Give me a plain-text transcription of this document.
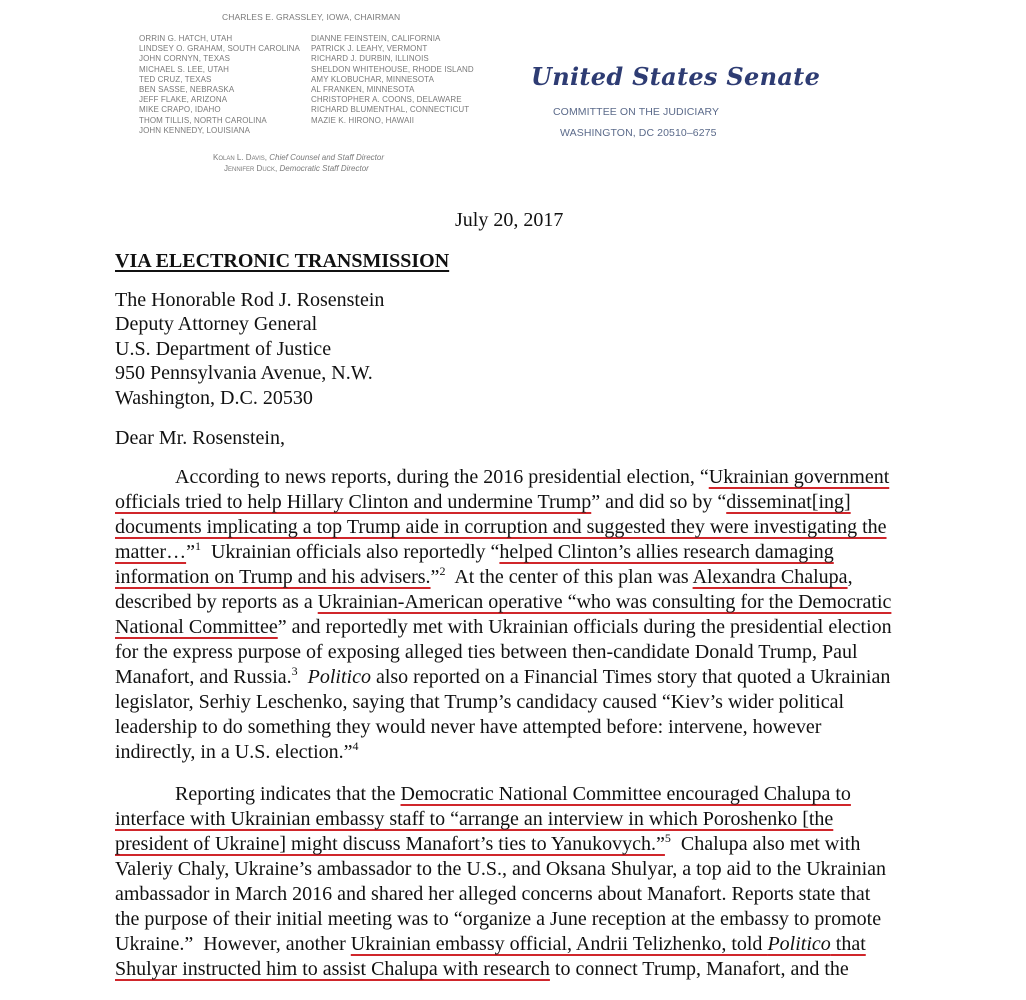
CHARLES E. GRASSLEY, IOWA, CHAIRMAN
ORRIN G. HATCH, UTAH
LINDSEY O. GRAHAM, SOUTH CAROLINA
JOHN CORNYN, TEXAS
MICHAEL S. LEE, UTAH
TED CRUZ, TEXAS
BEN SASSE, NEBRASKA
JEFF FLAKE, ARIZONA
MIKE CRAPO, IDAHO
THOM TILLIS, NORTH CAROLINA
JOHN KENNEDY, LOUISIANA
DIANNE FEINSTEIN, CALIFORNIA
PATRICK J. LEAHY, VERMONT
RICHARD J. DURBIN, ILLINOIS
SHELDON WHITEHOUSE, RHODE ISLAND
AMY KLOBUCHAR, MINNESOTA
AL FRANKEN, MINNESOTA
CHRISTOPHER A. COONS, DELAWARE
RICHARD BLUMENTHAL, CONNECTICUT
MAZIE K. HIRONO, HAWAII
Kolan L. Davis, Chief Counsel and Staff Director
Jennifer Duck, Democratic Staff Director
United States Senate
COMMITTEE ON THE JUDICIARY
WASHINGTON, DC 20510–6275
July 20, 2017
VIA ELECTRONIC TRANSMISSION
The Honorable Rod J. Rosenstein
Deputy Attorney General
U.S. Department of Justice
950 Pennsylvania Avenue, N.W.
Washington, D.C. 20530
Dear Mr. Rosenstein,
According to news reports, during the 2016 presidential election, “Ukrainian government
officials tried to help Hillary Clinton and undermine Trump” and did so by “disseminat[ing]
documents implicating a top Trump aide in corruption and suggested they were investigating the
matter…”$^1$  Ukrainian officials also reportedly “helped Clinton’s allies research damaging
information on Trump and his advisers.”$^2$  At the center of this plan was Alexandra Chalupa,
described by reports as a Ukrainian-American operative “who was consulting for the Democratic
National Committee” and reportedly met with Ukrainian officials during the presidential election
for the express purpose of exposing alleged ties between then-candidate Donald Trump, Paul
Manafort, and Russia.$^3$ Politico also reported on a Financial Times story that quoted a Ukrainian
legislator, Serhiy Leschenko, saying that Trump’s candidacy caused “Kiev’s wider political
leadership to do something they would never have attempted before: intervene, however
indirectly, in a U.S. election.”$^4$
Reporting indicates that the Democratic National Committee encouraged Chalupa to
interface with Ukrainian embassy staff to “arrange an interview in which Poroshenko [the
president of Ukraine] might discuss Manafort’s ties to Yanukovych.”$^5$  Chalupa also met with
Valeriy Chaly, Ukraine’s ambassador to the U.S., and Oksana Shulyar, a top aid to the Ukrainian
ambassador in March 2016 and shared her alleged concerns about Manafort. Reports state that
the purpose of their initial meeting was to “organize a June reception at the embassy to promote
Ukraine.”  However, another Ukrainian embassy official, Andrii Telizhenko, told Politico that
Shulyar instructed him to assist Chalupa with research to connect Trump, Manafort, and the
